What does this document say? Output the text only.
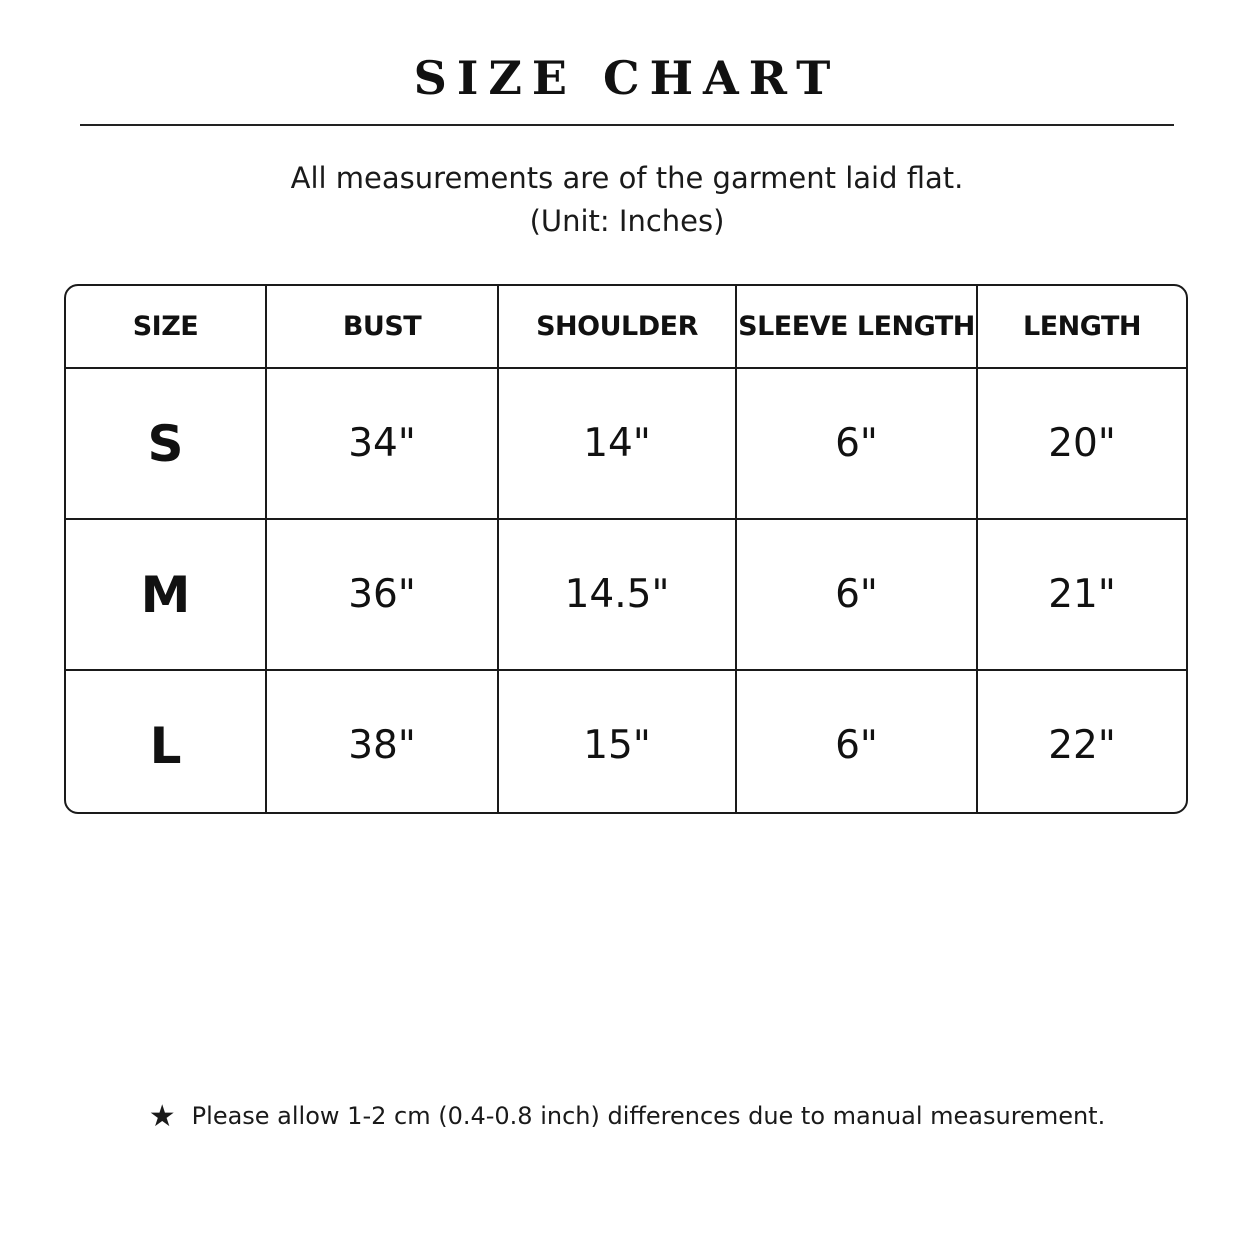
SIZE CHART
All measurements are of the garment laid flat.
(Unit: Inches)
SIZE	BUST	SHOULDER	SLEEVE LENGTH	LENGTH
S	34"	14"	6"	20"
M	36"	14.5"	6"	21"
L	38"	15"	6"	22"
★ Please allow 1-2 cm (0.4-0.8 inch) differences due to manual measurement.
